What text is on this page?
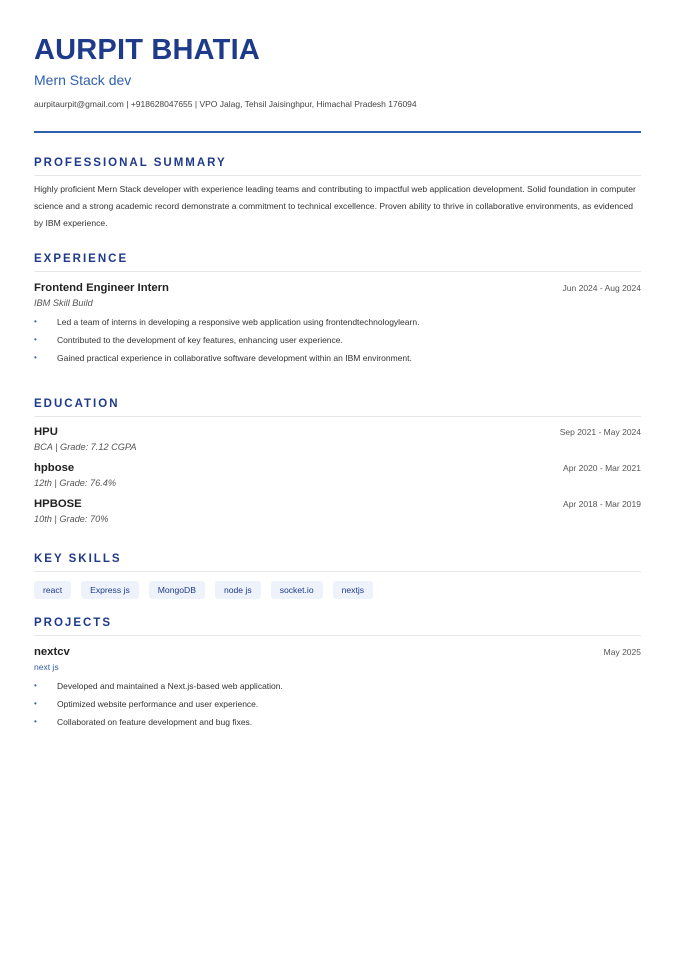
AURPIT BHATIA
Mern Stack dev
aurpitaurpit@gmail.com | +918628047655 | VPO Jalag, Tehsil Jaisinghpur, Himachal Pradesh 176094
PROFESSIONAL SUMMARY
Highly proficient Mern Stack developer with experience leading teams and contributing to impactful web application development. Solid foundation in computer science and a strong academic record demonstrate a commitment to technical excellence. Proven ability to thrive in collaborative environments, as evidenced by IBM experience.
EXPERIENCE
Frontend Engineer Intern	Jun 2024 - Aug 2024
IBM Skill Build
• Led a team of interns in developing a responsive web application using frontendtechnologylearn.
• Contributed to the development of key features, enhancing user experience.
• Gained practical experience in collaborative software development within an IBM environment.
EDUCATION
HPU	Sep 2021 - May 2024
BCA | Grade: 7.12 CGPA
hpbose	Apr 2020 - Mar 2021
12th | Grade: 76.4%
HPBOSE	Apr 2018 - Mar 2019
10th | Grade: 70%
KEY SKILLS
react	Express js	MongoDB	node js	socket.io	nextjs
PROJECTS
nextcv	May 2025
next js
• Developed and maintained a Next.js-based web application.
• Optimized website performance and user experience.
• Collaborated on feature development and bug fixes.
